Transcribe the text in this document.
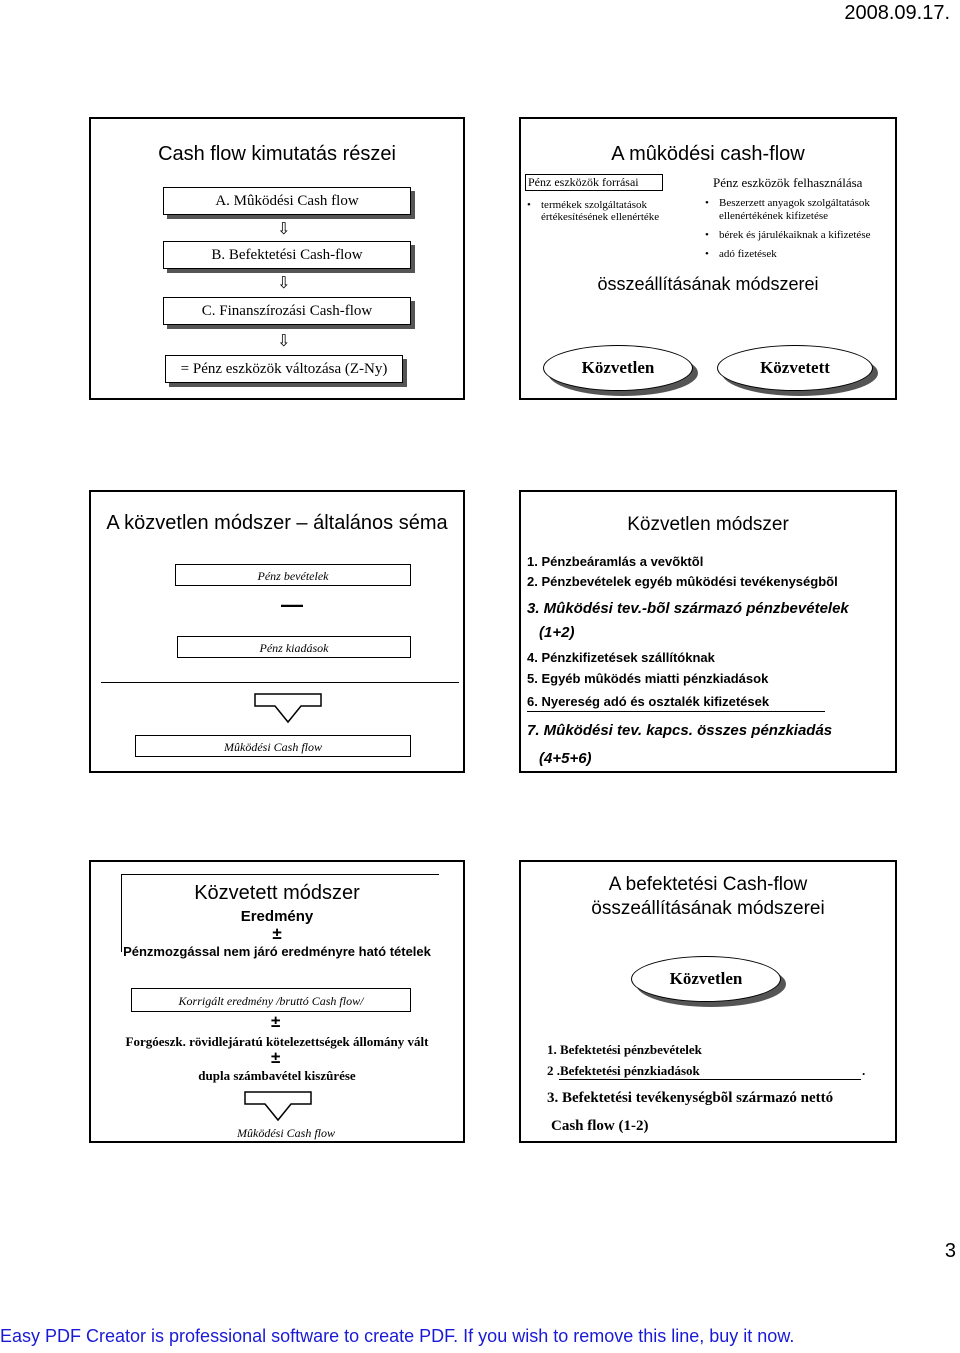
2008.09.17.
Cash flow kimutatás részei
A. Mûködési Cash flow
⇩
B. Befektetési Cash-flow
⇩
C. Finanszírozási Cash-flow
⇩
= Pénz eszközök változása (Z-Ny)
A mûködési cash-flow
Pénz eszközök forrásai	Pénz eszközök felhasználása
• termékek szolgáltatások értékesítésének ellenértéke
• Beszerzett anyagok szolgáltatások ellenértékének kifizetése
• bérek és járulékaiknak a kifizetése
• adó fizetések
összeállításának módszerei
Közvetlen	Közvetett
A közvetlen módszer – általános séma
Pénz bevételek
—
Pénz kiadások
Mûködési Cash flow
Közvetlen módszer
1. Pénzbeáramlás a vevõktõl
2. Pénzbevételek egyéb mûködési tevékenységbõl
3. Mûködési tev.-bõl származó pénzbevételek
(1+2)
4. Pénzkifizetések szállítóknak
5. Egyéb mûködés miatti pénzkiadások
6. Nyereség adó és osztalék kifizetések
7. Mûködési tev. kapcs. összes pénzkiadás
(4+5+6)
Közvetett módszer
Eredmény
±
Pénzmozgással nem járó eredményre ható tételek
Korrigált eredmény /bruttó Cash flow/
±
Forgóeszk. rövidlejáratú kötelezettségek állomány vált
±
dupla számbavétel kiszûrése
Mûködési Cash flow
A befektetési Cash-flow
összeállításának módszerei
Közvetlen
1. Befektetési pénzbevételek
2 .Befektetési pénzkiadások	.
3. Befektetési tevékenységbõl származó nettó
Cash flow (1-2)
3
Easy PDF Creator is professional software to create PDF. If you wish to remove this line, buy it now.
